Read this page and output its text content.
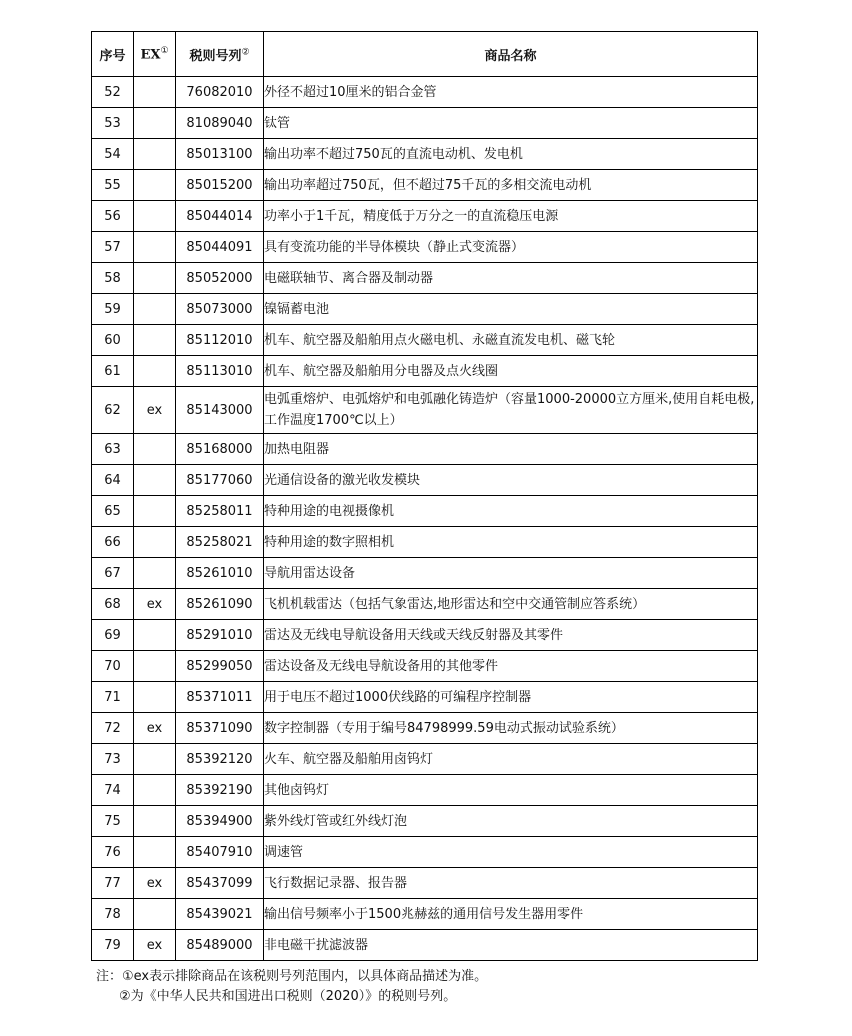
序号	EX①	税则号列②	商品名称
52		76082010	外径不超过10厘米的铝合金管
53		81089040	钛管
54		85013100	输出功率不超过750瓦的直流电动机、发电机
55		85015200	输出功率超过750瓦，但不超过75千瓦的多相交流电动机
56		85044014	功率小于1千瓦，精度低于万分之一的直流稳压电源
57		85044091	具有变流功能的半导体模块（静止式变流器）
58		85052000	电磁联轴节、离合器及制动器
59		85073000	镍镉蓄电池
60		85112010	机车、航空器及船舶用点火磁电机、永磁直流发电机、磁飞轮
61		85113010	机车、航空器及船舶用分电器及点火线圈
62	ex	85143000	电弧重熔炉、电弧熔炉和电弧融化铸造炉（容量1000-20000立方厘米,使用自耗电极,工作温度1700℃以上）
63		85168000	加热电阻器
64		85177060	光通信设备的激光收发模块
65		85258011	特种用途的电视摄像机
66		85258021	特种用途的数字照相机
67		85261010	导航用雷达设备
68	ex	85261090	飞机机载雷达（包括气象雷达,地形雷达和空中交通管制应答系统）
69		85291010	雷达及无线电导航设备用天线或天线反射器及其零件
70		85299050	雷达设备及无线电导航设备用的其他零件
71		85371011	用于电压不超过1000伏线路的可编程序控制器
72	ex	85371090	数字控制器（专用于编号84798999.59电动式振动试验系统）
73		85392120	火车、航空器及船舶用卤钨灯
74		85392190	其他卤钨灯
75		85394900	紫外线灯管或红外线灯泡
76		85407910	调速管
77	ex	85437099	飞行数据记录器、报告器
78		85439021	输出信号频率小于1500兆赫兹的通用信号发生器用零件
79	ex	85489000	非电磁干扰滤波器
注：①ex表示排除商品在该税则号列范围内，以具体商品描述为准。
②为《中华人民共和国进出口税则（2020）》的税则号列。
